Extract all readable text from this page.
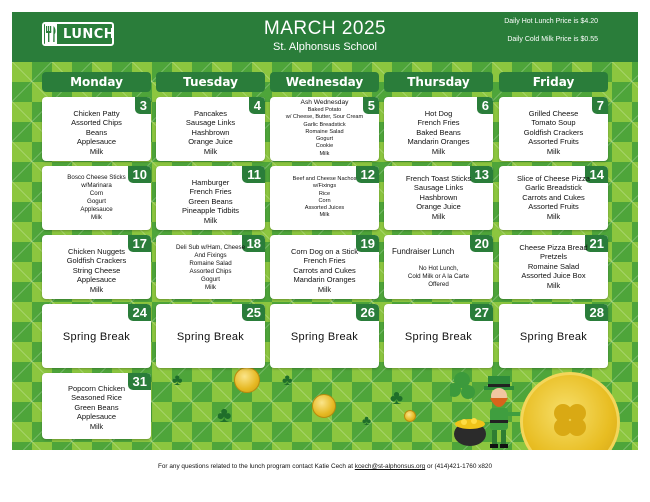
LUNCH	MARCH 2025
St. Alphonsus School
Daily Hot Lunch Price is $4.20
Daily Cold Milk Price is $0.55
Monday	Tuesday	Wednesday	Thursday	Friday
♣
♣
♣
♣
♣
3
Chicken Patty
Assorted Chips
Beans
Applesauce
Milk
4
Pancakes
Sausage Links
Hashbrown
Orange Juice
Milk
5
Ash Wednesday
Baked Potato
w/ Cheese, Butter, Sour Cream
Garlic Breadstick
Romaine Salad
Gogurt
Cookie
Milk
6
Hot Dog
French Fries
Baked Beans
Mandarin Oranges
Milk
7
Grilled Cheese
Tomato Soup
Goldfish Crackers
Assorted Fruits
Milk
10
Bosco Cheese Sticks
w/Marinara
Corn
Gogurt
Applesauce
Milk
11
Hamburger
French Fries
Green Beans
Pineapple Tidbits
Milk
12
Beef and Cheese Nachos
w/Fixings
Rice
Corn
Assorted Juices
Milk
13
French Toast Sticks
Sausage Links
Hashbrown
Orange Juice
Milk
14
Slice of Cheese Pizza
Garlic Breadstick
Carrots and Cukes
Assorted Fruits
Milk
17
Chicken Nuggets
Goldfish Crackers
String Cheese
Applesauce
Milk
18
Deli Sub w/Ham, Cheese
And Fixings
Romaine Salad
Assorted Chips
Gogurt
Milk
19
Corn Dog on a Stick
French Fries
Carrots and Cukes
Mandarin Oranges
Milk
20
Fundraiser Lunch
No Hot Lunch,
Cold Milk or A la Carte
Offered
21
Cheese Pizza Bread
Pretzels
Romaine Salad
Assorted Juice Box
Milk
24
Spring Break
25
Spring Break
26
Spring Break
27
Spring Break
28
Spring Break
31
Popcorn Chicken
Seasoned Rice
Green Beans
Applesauce
Milk
For any questions related to the lunch program contact Katie Cech at kcech@st-alphonsus.org or (414)421-1760 x820
